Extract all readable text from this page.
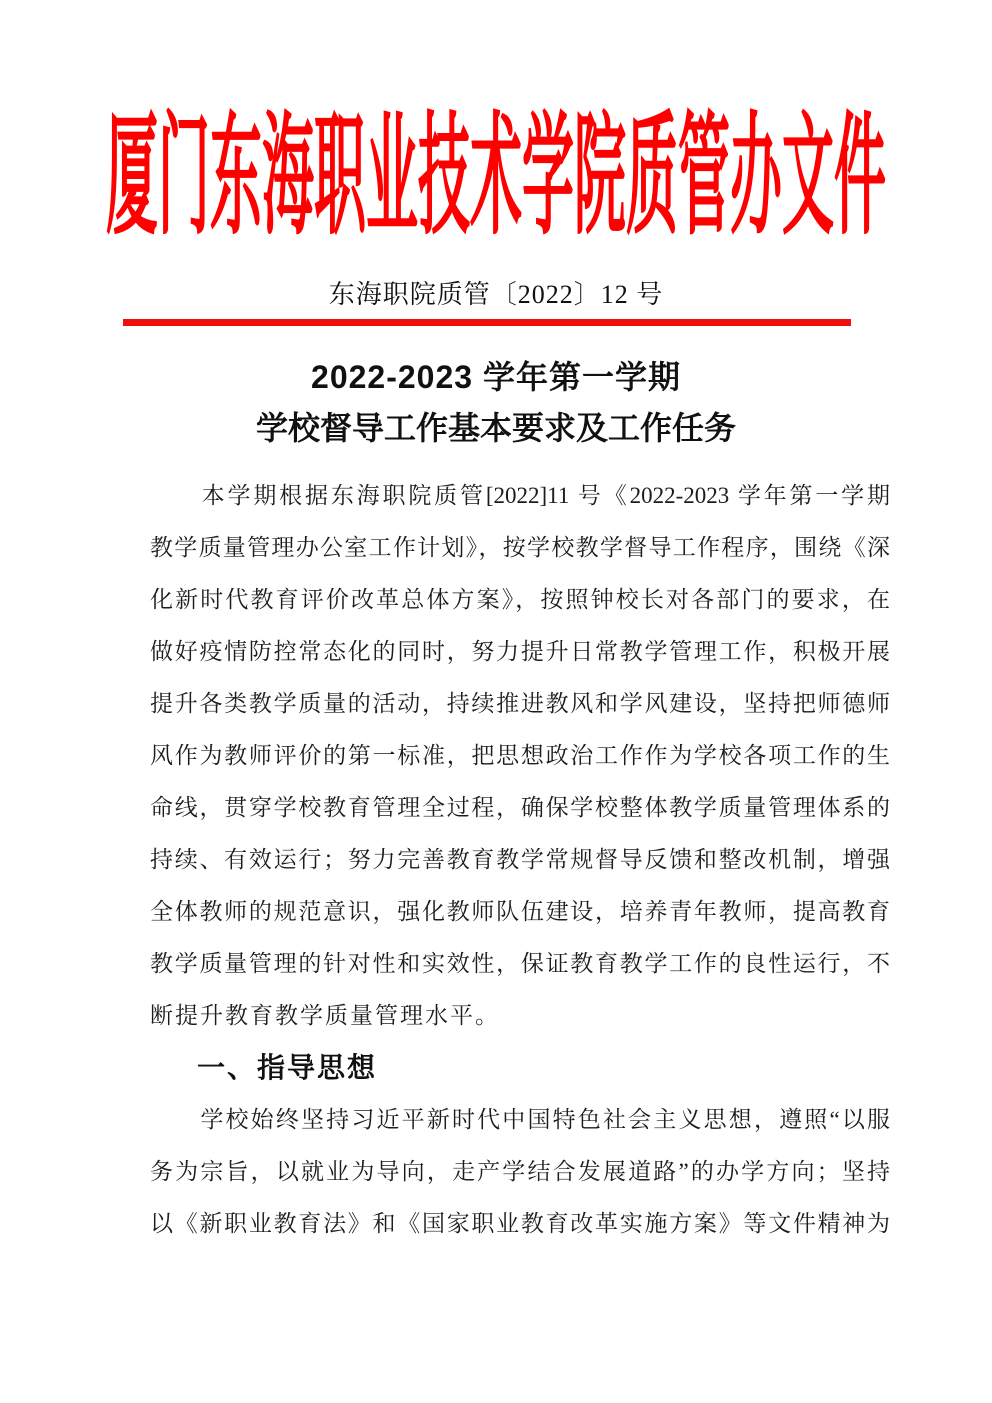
厦门东海职业技术学院质管办文件
东海职院质管〔2022〕12 号
2022-2023 学年第一学期
学校督导工作基本要求及工作任务
　　本学期根据东海职院质管[2022]11 号《2022-2023 学年第一学期
教学质量管理办公室工作计划》，按学校教学督导工作程序，围绕《深
化新时代教育评价改革总体方案》，按照钟校长对各部门的要求，在
做好疫情防控常态化的同时，努力提升日常教学管理工作，积极开展
提升各类教学质量的活动，持续推进教风和学风建设，坚持把师德师
风作为教师评价的第一标准，把思想政治工作作为学校各项工作的生
命线，贯穿学校教育管理全过程，确保学校整体教学质量管理体系的
持续、有效运行；努力完善教育教学常规督导反馈和整改机制，增强
全体教师的规范意识，强化教师队伍建设，培养青年教师，提高教育
教学质量管理的针对性和实效性，保证教育教学工作的良性运行，不
断提升教育教学质量管理水平。
一、指导思想
　　学校始终坚持习近平新时代中国特色社会主义思想，遵照“以服
务为宗旨，以就业为导向，走产学结合发展道路”的办学方向；坚持
以《新职业教育法》和《国家职业教育改革实施方案》等文件精神为
